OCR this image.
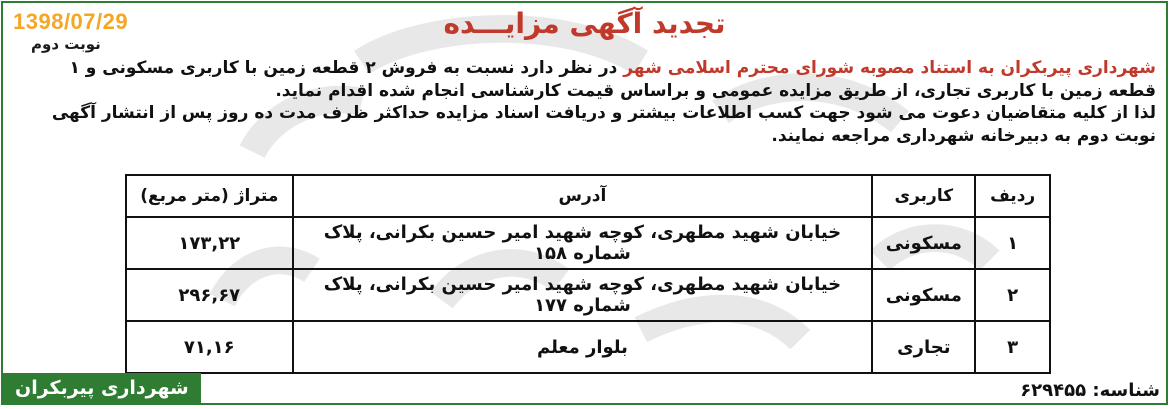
1398/07/29
نوبت دوم
تجدید آگهی مزایـــده

شهرداری پیربکران به استناد مصوبه شورای محترم اسلامی شهر در نظر دارد نسبت به فروش ۲ قطعه زمین با کاربری مسکونی و ۱ قطعه زمین با کاربری تجاری، از طریق مزایده عمومی و براساس قیمت کارشناسی انجام شده اقدام نماید.

لذا از کلیه متقاضیان دعوت می شود جهت کسب اطلاعات بیشتر و دریافت اسناد مزایده حداکثر ظرف مدت ده روز پس از انتشار آگهی نوبت دوم به دبیرخانه شهرداری مراجعه نمایند.

ردیف	کاربری	آدرس	متراژ (متر مربع)
۱	مسکونی	خیابان شهید مطهری، کوچه شهید امیر حسین بکرانی، پلاک شماره ۱۵۸	۱۷۳,۲۲
۲	مسکونی	خیابان شهید مطهری، کوچه شهید امیر حسین بکرانی، پلاک شماره ۱۷۷	۲۹۶,۶۷
۳	تجاری	بلوار معلم	۷۱,۱۶
شهرداری پیربکران	شناسه: ۶۲۹۴۵۵
